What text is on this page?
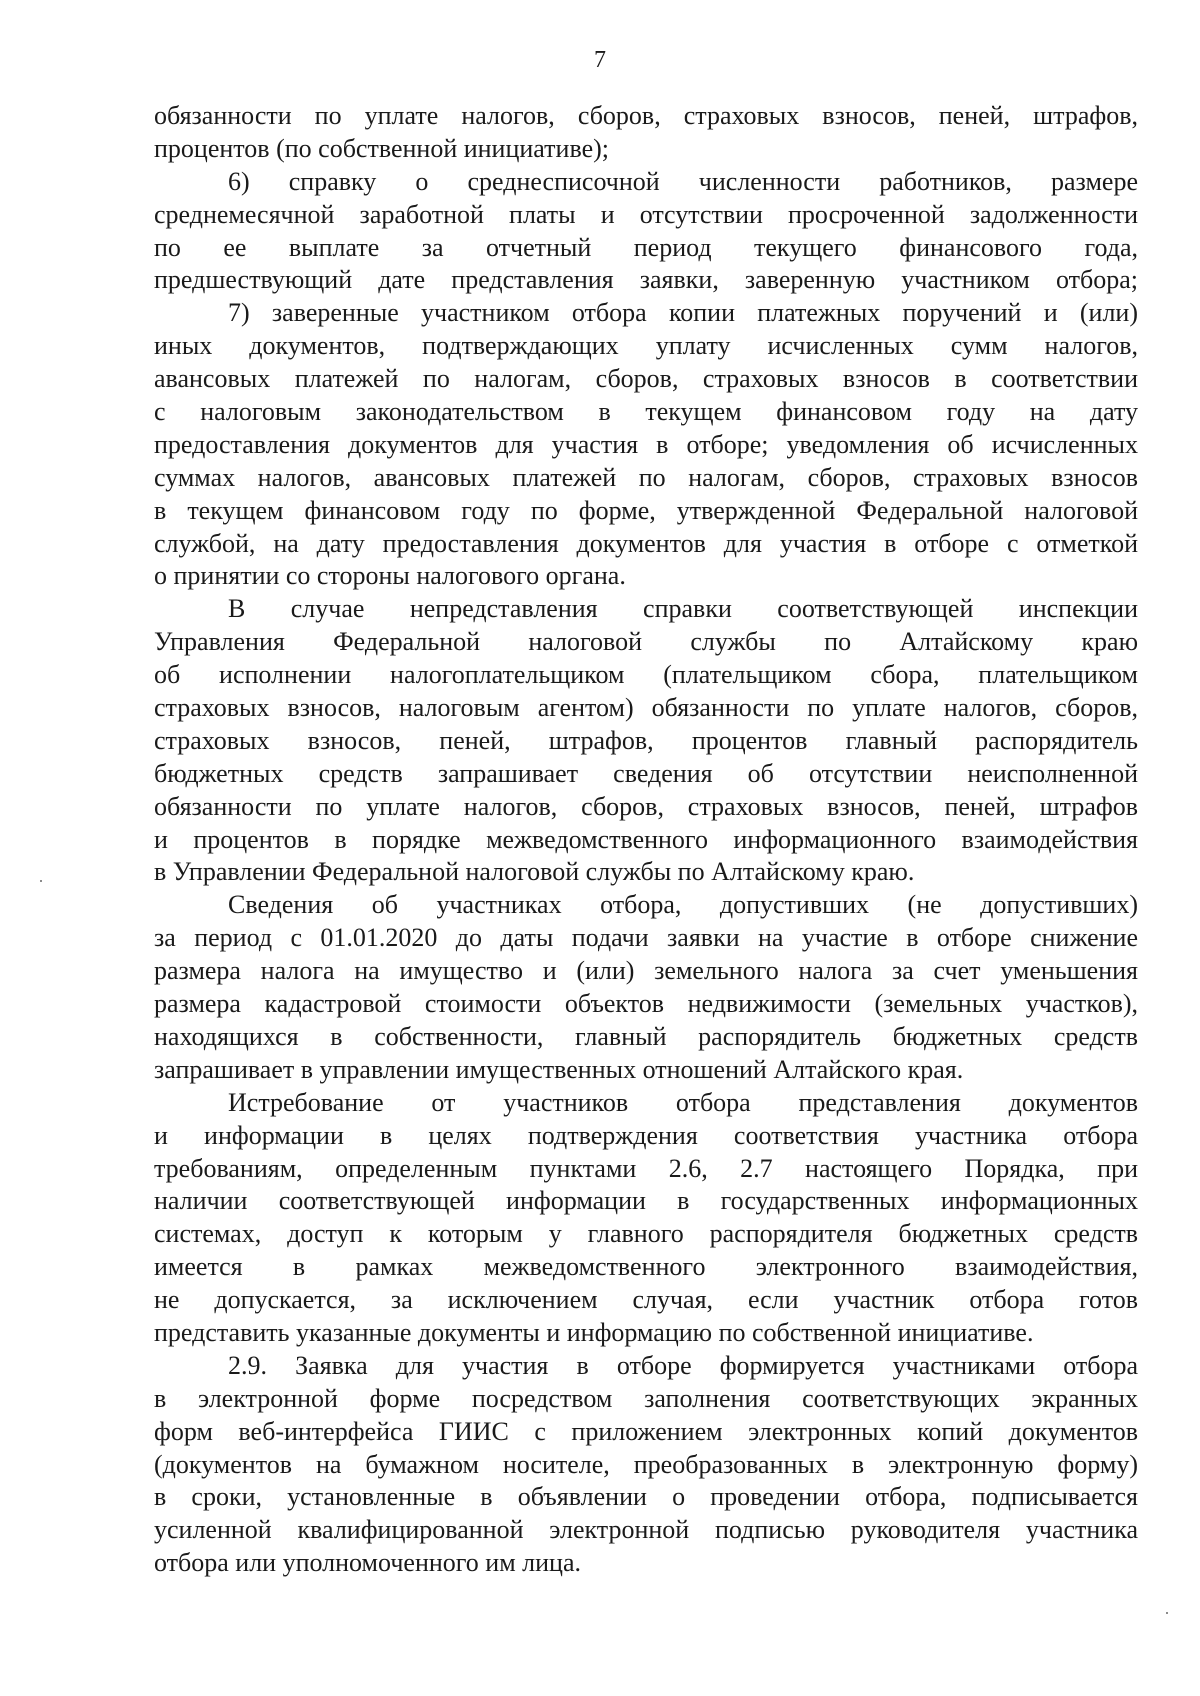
7
обязанности по уплате налогов, сборов, страховых взносов, пеней, штрафов,
процентов (по собственной инициативе);
6) справку о среднесписочной численности работников, размере
среднемесячной заработной платы и отсутствии просроченной задолженности
по ее выплате за отчетный период текущего финансового года,
предшествующий дате представления заявки, заверенную участником отбора;
7) заверенные участником отбора копии платежных поручений и (или)
иных документов, подтверждающих уплату исчисленных сумм налогов,
авансовых платежей по налогам, сборов, страховых взносов в соответствии
с налоговым законодательством в текущем финансовом году на дату
предоставления документов для участия в отборе; уведомления об исчисленных
суммах налогов, авансовых платежей по налогам, сборов, страховых взносов
в текущем финансовом году по форме, утвержденной Федеральной налоговой
службой, на дату предоставления документов для участия в отборе с отметкой
о принятии со стороны налогового органа.
В случае непредставления справки соответствующей инспекции
Управления Федеральной налоговой службы по Алтайскому краю
об исполнении налогоплательщиком (плательщиком сбора, плательщиком
страховых взносов, налоговым агентом) обязанности по уплате налогов, сборов,
страховых взносов, пеней, штрафов, процентов главный распорядитель
бюджетных средств запрашивает сведения об отсутствии неисполненной
обязанности по уплате налогов, сборов, страховых взносов, пеней, штрафов
и процентов в порядке межведомственного информационного взаимодействия
в Управлении Федеральной налоговой службы по Алтайскому краю.
Сведения об участниках отбора, допустивших (не допустивших)
за период с 01.01.2020 до даты подачи заявки на участие в отборе снижение
размера налога на имущество и (или) земельного налога за счет уменьшения
размера кадастровой стоимости объектов недвижимости (земельных участков),
находящихся в собственности, главный распорядитель бюджетных средств
запрашивает в управлении имущественных отношений Алтайского края.
Истребование от участников отбора представления документов
и информации в целях подтверждения соответствия участника отбора
требованиям, определенным пунктами 2.6, 2.7 настоящего Порядка, при
наличии соответствующей информации в государственных информационных
системах, доступ к которым у главного распорядителя бюджетных средств
имеется в рамках межведомственного электронного взаимодействия,
не допускается, за исключением случая, если участник отбора готов
представить указанные документы и информацию по собственной инициативе.
2.9. Заявка для участия в отборе формируется участниками отбора
в электронной форме посредством заполнения соответствующих экранных
форм веб-интерфейса ГИИС с приложением электронных копий документов
(документов на бумажном носителе, преобразованных в электронную форму)
в сроки, установленные в объявлении о проведении отбора, подписывается
усиленной квалифицированной электронной подписью руководителя участника
отбора или уполномоченного им лица.
